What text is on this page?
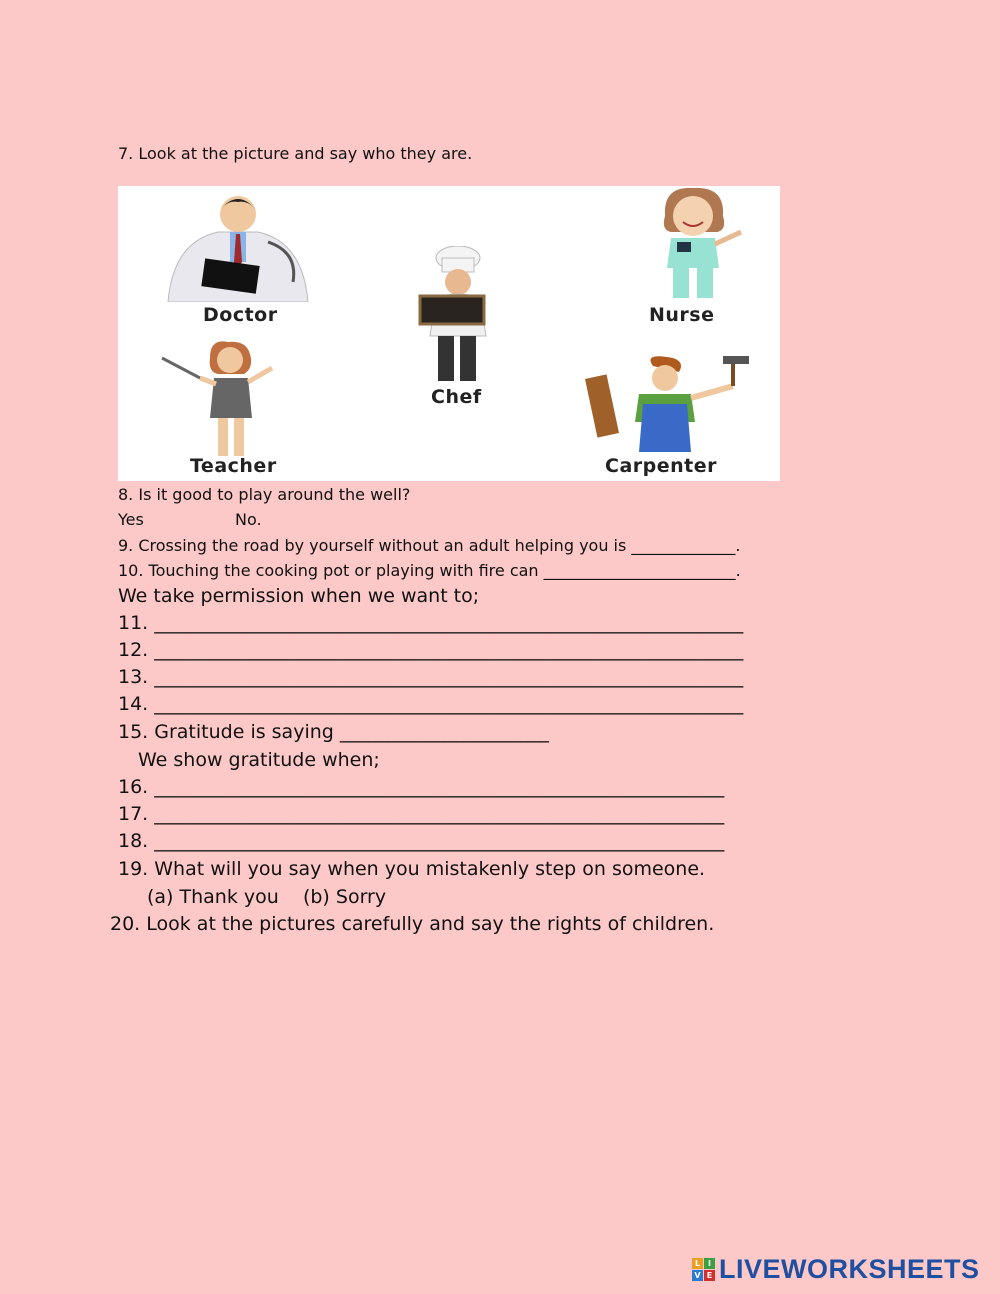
7. Look at the picture and say who they are.
Doctor
Chef
Nurse
Teacher	Carpenter
8. Is it good to play around the well?
Yes	No.
9. Crossing the road by yourself without an adult helping you is _____________.
10. Touching the cooking pot or playing with fire can ________________________.
We take permission when we want to;
11. ______________________________________________________________
12. ______________________________________________________________
13. ______________________________________________________________
14. ______________________________________________________________
15. Gratitude is saying ______________________
We show gratitude when;
16. ____________________________________________________________
17. ____________________________________________________________
18. ____________________________________________________________
19. What will you say when you mistakenly step on someone.
(a) Thank you    (b) Sorry
20. Look at the pictures carefully and say the rights of children.
L I
V E LIVEWORKSHEETS
